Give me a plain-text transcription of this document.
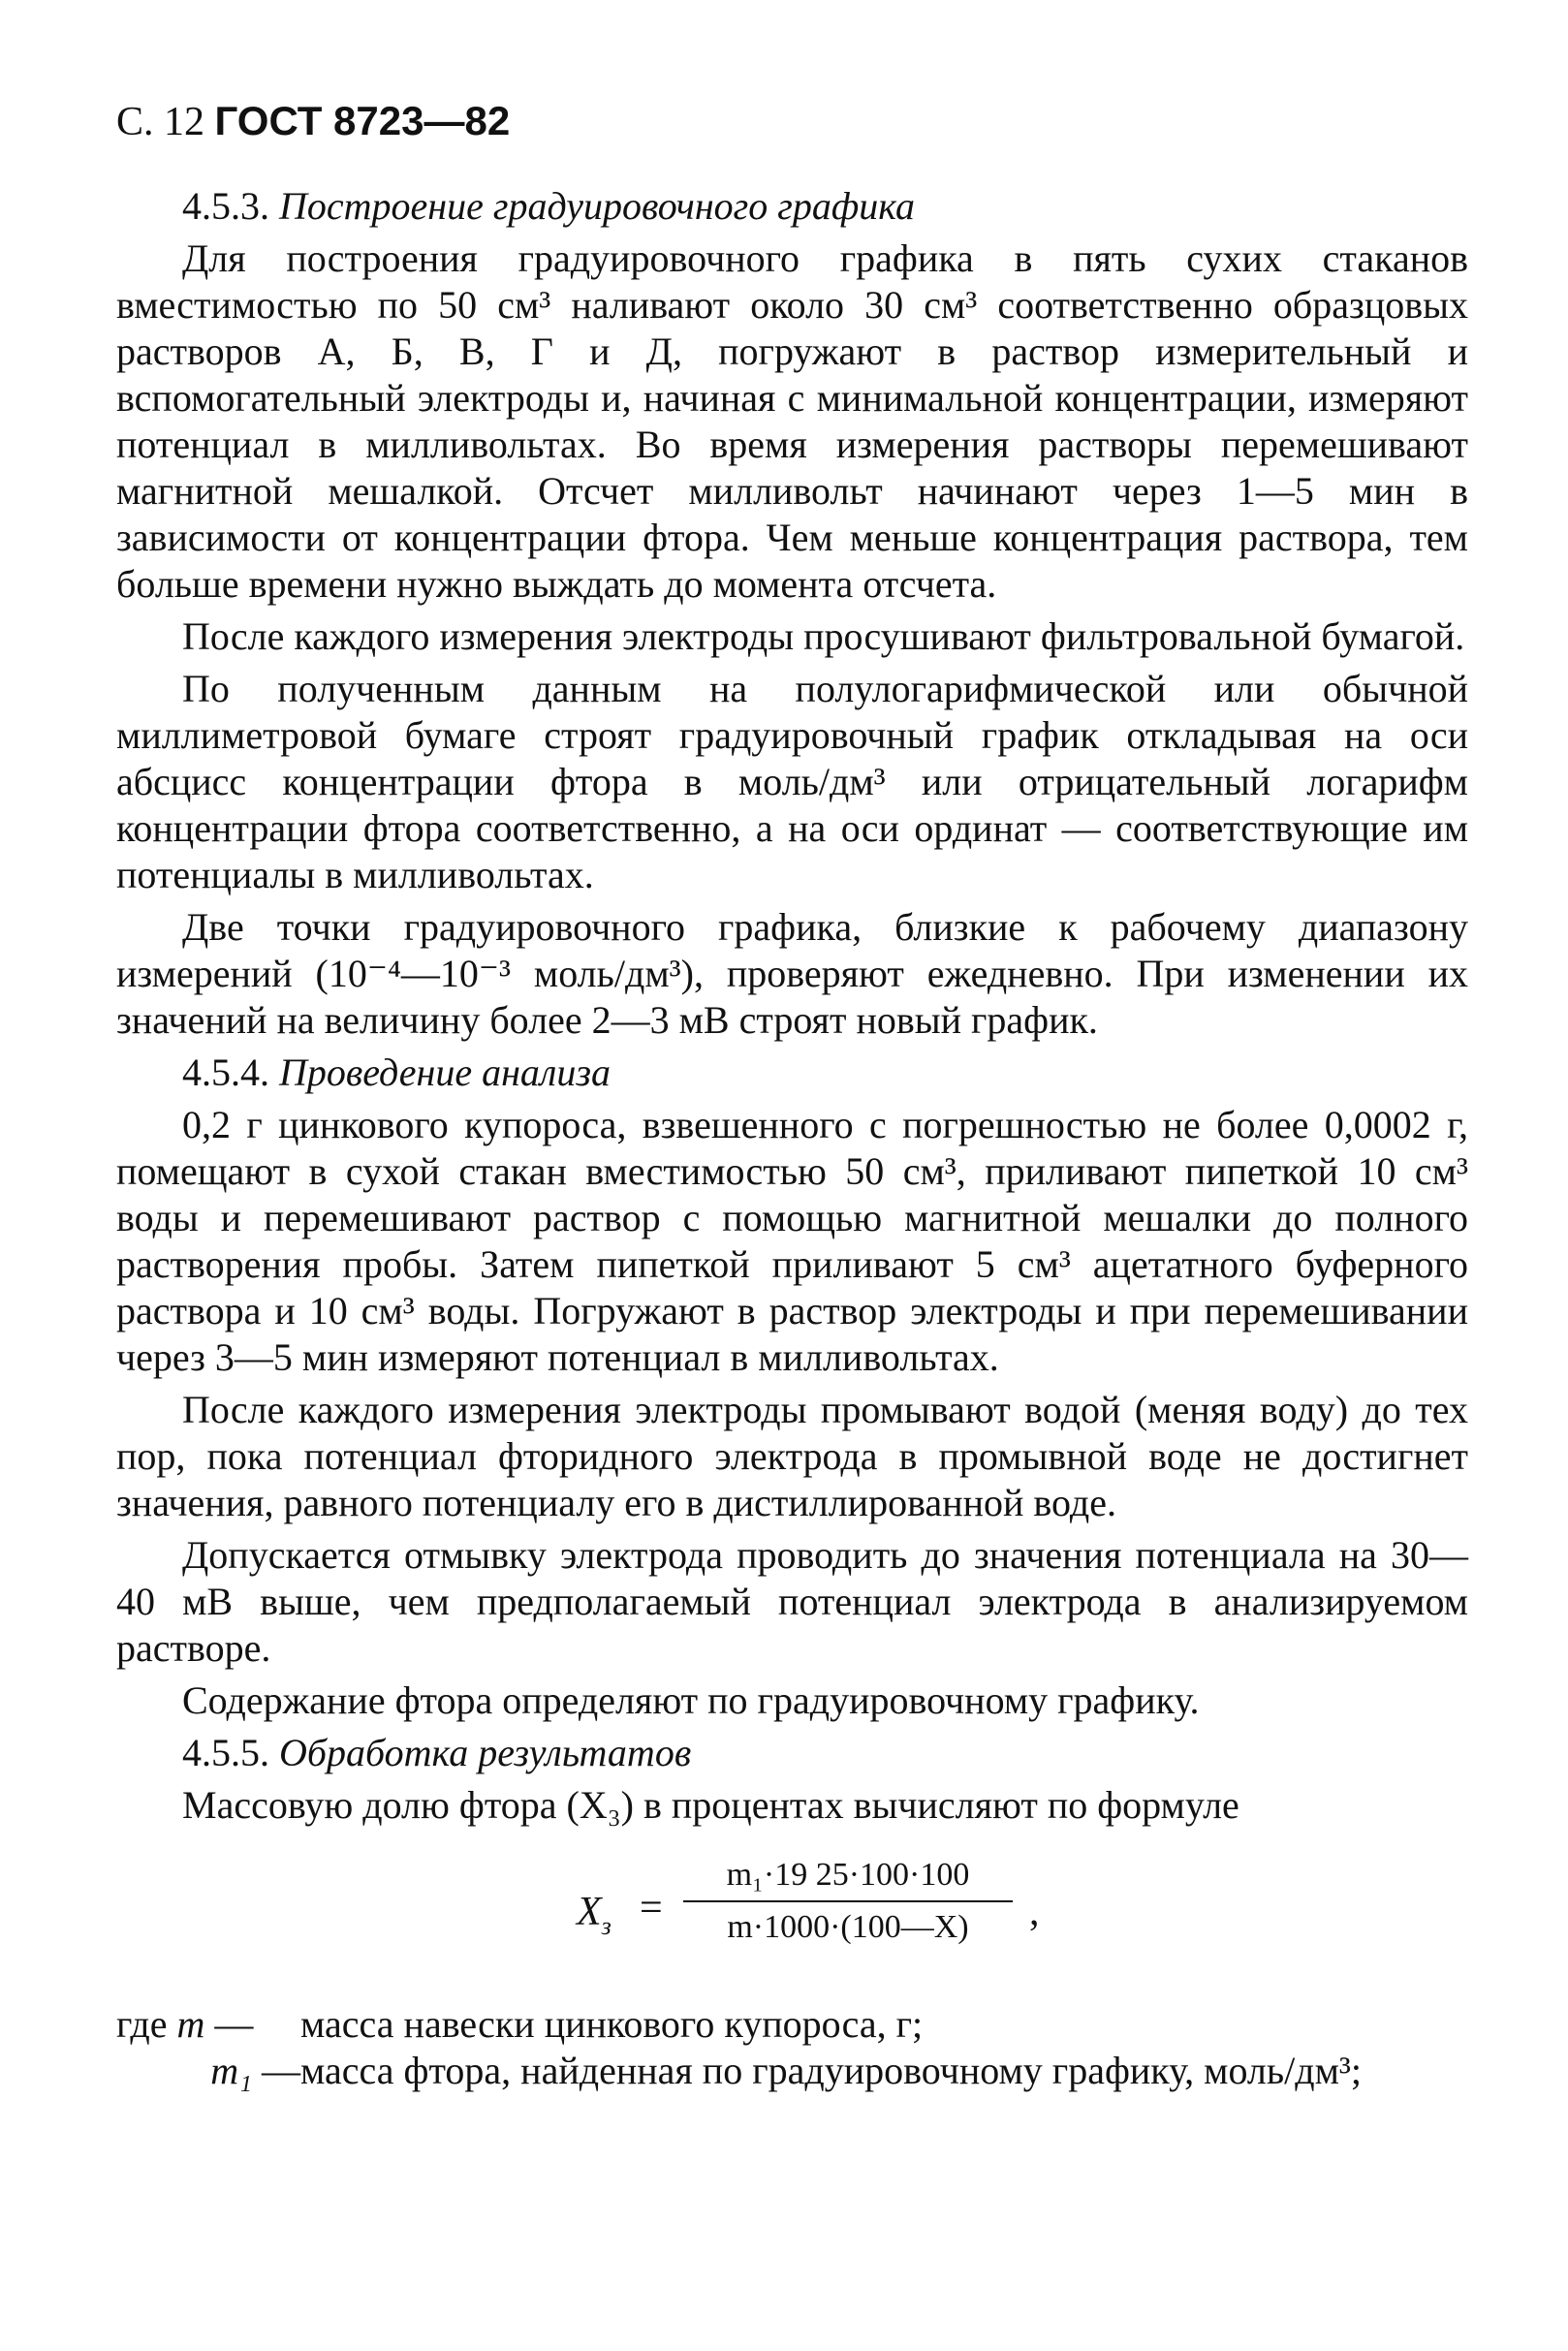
С. 12 ГОСТ 8723—82

4.5.3. Построение градуировочного графика

Для построения градуировочного графика в пять сухих стаканов вместимостью по 50 см³ наливают около 30 см³ соответственно образцовых растворов А, Б, В, Г и Д, погружают в раствор измерительный и вспомогательный электроды и, начиная с минимальной концентрации, измеряют потенциал в милливольтах. Во время измерения растворы перемешивают магнитной мешалкой. Отсчет милливольт начинают через 1—5 мин в зависимости от концентрации фтора. Чем меньше концентрация раствора, тем больше времени нужно выждать до момента отсчета.

После каждого измерения электроды просушивают фильтровальной бумагой.

По полученным данным на полулогарифмической или обычной миллиметровой бумаге строят градуировочный график откладывая на оси абсцисс концентрации фтора в моль/дм³ или отрицательный логарифм концентрации фтора соответственно, а на оси ординат — соответствующие им потенциалы в милливольтах.

Две точки градуировочного графика, близкие к рабочему диапазону измерений (10⁻⁴—10⁻³ моль/дм³), проверяют ежедневно. При изменении их значений на величину более 2—3 мВ строят новый график.

4.5.4. Проведение анализа

0,2 г цинкового купороса, взвешенного с погрешностью не более 0,0002 г, помещают в сухой стакан вместимостью 50 см³, приливают пипеткой 10 см³ воды и перемешивают раствор с помощью магнитной мешалки до полного растворения пробы. Затем пипеткой приливают 5 см³ ацетатного буферного раствора и 10 см³ воды. Погружают в раствор электроды и при перемешивании через 3—5 мин измеряют потенциал в милливольтах.

После каждого измерения электроды промывают водой (меняя воду) до тех пор, пока потенциал фторидного электрода в промывной воде не достигнет значения, равного потенциалу его в дистиллированной воде.

Допускается отмывку электрода проводить до значения потенциала на 30—40 мВ выше, чем предполагаемый потенциал электрода в анализируемом растворе.

Содержание фтора определяют по градуировочному графику.

4.5.5. Обработка результатов

Массовую долю фтора (X₃) в процентах вычисляют по формуле

$X_з = \frac{\text{m₁·19 25·100·100}}{m\cdot 1000\cdot(100—X)}$ ,
где m —	масса навески цинкового купороса, г;
m₁ — масса фтора, найденная по градуировочному графику, моль/дм³;
